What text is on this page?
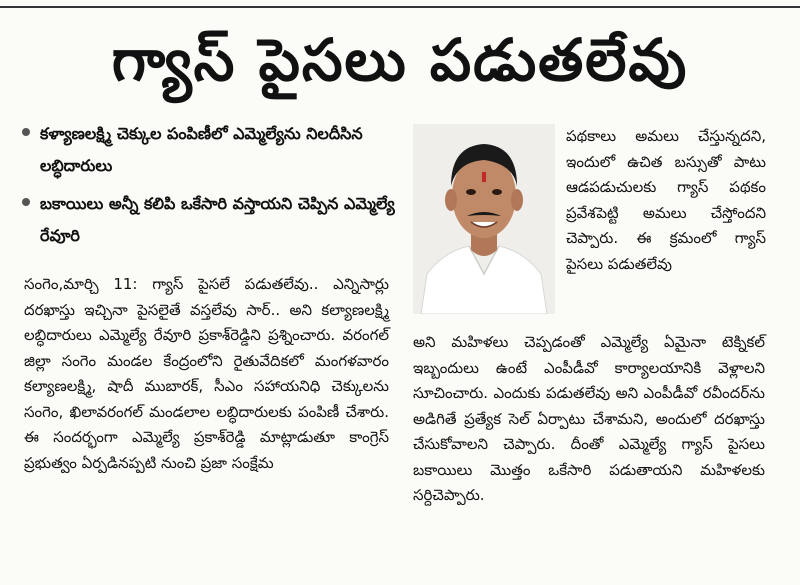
గ్యాస్ పైసలు పడుతలేవు
కళ్యాణలక్ష్మి చెక్కుల పంపిణీలో ఎమ్మెల్యేను నిలదీసిన లబ్ధిదారులు
బకాయిలు అన్నీ కలిపి ఒకేసారి వస్తాయని చెప్పిన ఎమ్మెల్యే రేవూరి

సంగెం,మార్చి 11: గ్యాస్ పైసలే పడుతలేవు.. ఎన్నిసార్లు దరఖాస్తు ఇచ్చినా పైసలైతే వస్తలేవు సార్.. అని కల్యాణలక్ష్మి లబ్ధిదారులు ఎమ్మెల్యే రేవూరి ప్రకాశ్‌రెడ్డిని ప్రశ్నించారు. వరంగల్ జిల్లా సంగెం మండల కేంద్రంలోని రైతువేదికలో మంగళవారం కల్యాణలక్ష్మి, షాదీ ముబారక్, సీఎం సహాయనిధి చెక్కులను సంగెం, ఖిలావరంగల్ మండలాల లబ్ధిదారులకు పంపిణీ చేశారు. ఈ సందర్భంగా ఎమ్మెల్యే ప్రకాశ్‌రెడ్డి మాట్లాడుతూ కాంగ్రెస్ ప్రభుత్వం ఏర్పడినప్పటి నుంచి ప్రజా సంక్షేమ

పథకాలు అమలు చేస్తున్నదని, ఇందులో ఉచిత బస్సుతో పాటు ఆడపడుచులకు గ్యాస్ పథకం ప్రవేశపెట్టి అమలు చేస్తోందని చెప్పారు. ఈ క్రమంలో గ్యాస్ పైసలు పడుతలేవు

అని మహిళలు చెప్పడంతో ఎమ్మెల్యే ఏమైనా టెక్నికల్ ఇబ్బందులు ఉంటే ఎంపీడీవో కార్యాలయానికి వెళ్లాలని సూచించారు. ఎందుకు పడుతలేవు అని ఎంపీడీవో రవీందర్‌ను అడిగితే ప్రత్యేక సెల్ ఏర్పాటు చేశామని, అందులో దరఖాస్తు చేసుకోవాలని చెప్పారు. దీంతో ఎమ్మెల్యే గ్యాస్ పైసలు బకాయిలు మొత్తం ఒకేసారి పడుతాయని మహిళలకు సర్దిచెప్పారు.
